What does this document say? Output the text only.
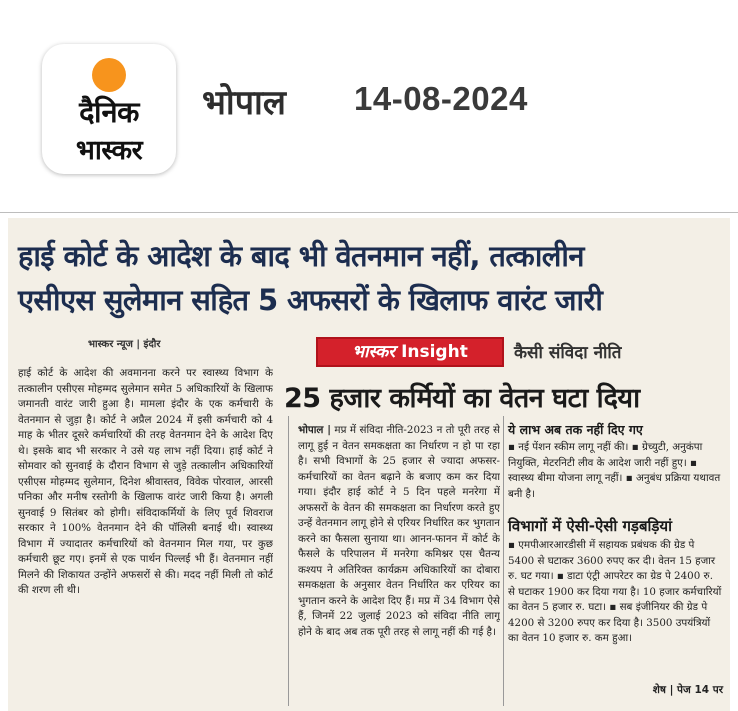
दैनिक
भास्कर
भोपाल 14-08-2024
हाई कोर्ट के आदेश के बाद भी वेतनमान नहीं, तत्कालीन
एसीएस सुलेमान सहित 5 अफसरों के खिलाफ वारंट जारी
भास्कर न्यूज | इंदौर	भास्कर Insight	कैसी संविदा नीति
25 हजार कर्मियों का वेतन घटा दिया
हाई कोर्ट के आदेश की अवमानना करने पर स्वास्थ्य विभाग के तत्कालीन एसीएस मोहम्मद सुलेमान समेत 5 अधिकारियों के खिलाफ जमानती वारंट जारी हुआ है। मामला इंदौर के एक कर्मचारी के वेतनमान से जुड़ा है। कोर्ट ने अप्रैल 2024 में इसी कर्मचारी को 4 माह के भीतर दूसरे कर्मचारियों की तरह वेतनमान देने के आदेश दिए थे। इसके बाद भी सरकार ने उसे यह लाभ नहीं दिया। हाई कोर्ट ने सोमवार को सुनवाई के दौरान विभाग से जुड़े तत्कालीन अधिकारियों एसीएस मोहम्मद सुलेमान, दिनेश श्रीवास्तव, विवेक पोरवाल, आरसी पनिका और मनीष रस्तोगी के खिलाफ वारंट जारी किया है। अगली सुनवाई 9 सितंबर को होगी। संविदाकर्मियों के लिए पूर्व शिवराज सरकार ने 100% वेतनमान देने की पॉलिसी बनाई थी। स्वास्थ्य विभाग में ज्यादातर कर्मचारियों को वेतनमान मिल गया, पर कुछ कर्मचारी छूट गए। इनमें से एक पार्थन पिल्लई भी हैं। वेतनमान नहीं मिलने की शिकायत उन्होंने अफसरों से की। मदद नहीं मिली तो कोर्ट की शरण ली थी।
भोपाल | मप्र में संविदा नीति-2023 न तो पूरी तरह से लागू हुई न वेतन समकक्षता का निर्धारण न हो पा रहा है। सभी विभागों के 25 हजार से ज्यादा अफसर-कर्मचारियों का वेतन बढ़ाने के बजाए कम कर दिया गया। इंदौर हाई कोर्ट ने 5 दिन पहले मनरेगा में अफसरों के वेतन की समकक्षता का निर्धारण करते हुए उन्हें वेतनमान लागू होने से एरियर निर्धारित कर भुगतान करने का फैसला सुनाया था। आनन-फानन में कोर्ट के फैसले के परिपालन में मनरेगा कमिश्नर एस चैतन्य कश्यप ने अतिरिक्त कार्यक्रम अधिकारियों का दोबारा समकक्षता के अनुसार वेतन निर्धारित कर एरियर का भुगतान करने के आदेश दिए हैं। मप्र में 34 विभाग ऐसे हैं, जिनमें 22 जुलाई 2023 को संविदा नीति लागू होने के बाद अब तक पूरी तरह से लागू नहीं की गई है।
ये लाभ अब तक नहीं दिए गए
▪ नई पेंशन स्कीम लागू नहीं की। ▪ ग्रेच्युटी, अनुकंपा नियुक्ति, मेटरनिटी लीव के आदेश जारी नहीं हुए। ▪ स्वास्थ्य बीमा योजना लागू नहीं। ▪ अनुबंध प्रक्रिया यथावत बनी है।
विभागों में ऐसी-ऐसी गड़बड़ियां
▪ एमपीआरआरडीसी में सहायक प्रबंधक की ग्रेड पे 5400 से घटाकर 3600 रुपए कर दी। वेतन 15 हजार रु. घट गया। ▪ डाटा एंट्री आपरेटर का ग्रेड पे 2400 रु. से घटाकर 1900 कर दिया गया है। 10 हजार कर्मचारियों का वेतन 5 हजार रु. घटा। ▪ सब इंजीनियर की ग्रेड पे 4200 से 3200 रुपए कर दिया है। 3500 उपयंत्रियों का वेतन 10 हजार रु. कम हुआ।
शेष | पेज 14 पर
